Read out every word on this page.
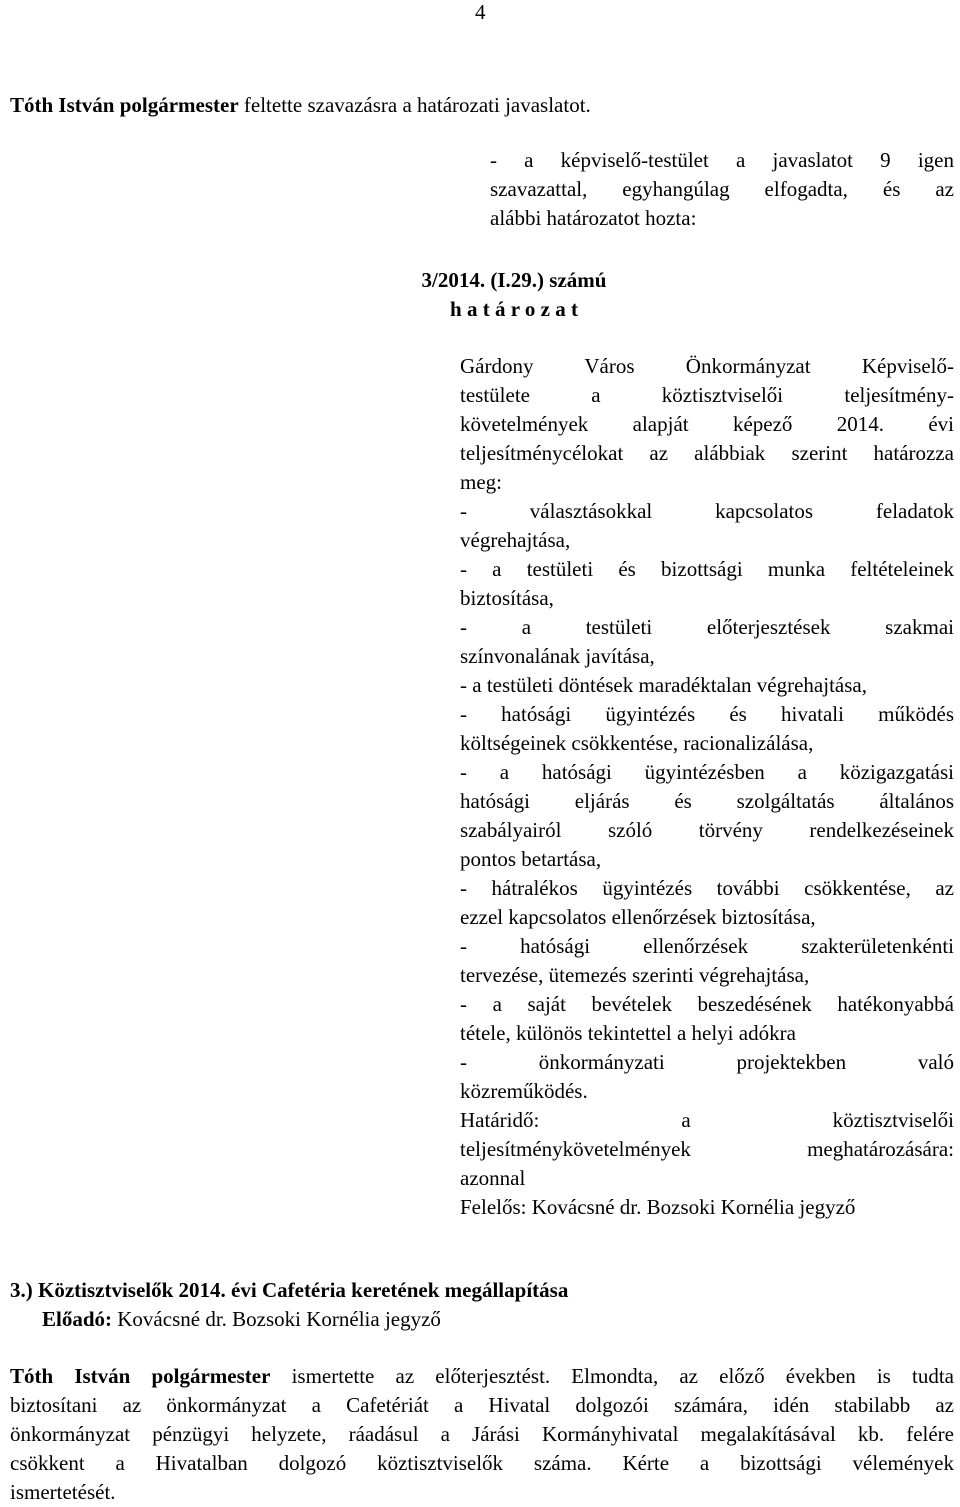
4
Tóth István polgármester feltette szavazásra a határozati javaslatot.
- a képviselő-testület a javaslatot 9 igen
szavazattal, egyhangúlag elfogadta, és az
alábbi határozatot hozta:
3/2014. (I.29.) számú
h a t á r o z a t
Gárdony Város Önkormányzat Képviselő-
testülete a köztisztviselői teljesítmény-
követelmények alapját képező 2014. évi
teljesítménycélokat az alábbiak szerint határozza
meg:
- választásokkal kapcsolatos feladatok
végrehajtása,
- a testületi és bizottsági munka feltételeinek
biztosítása,
- a testületi előterjesztések szakmai
színvonalának javítása,
- a testületi döntések maradéktalan végrehajtása,
- hatósági ügyintézés és hivatali működés
költségeinek csökkentése, racionalizálása,
- a hatósági ügyintézésben a közigazgatási
hatósági eljárás és szolgáltatás általános
szabályairól szóló törvény rendelkezéseinek
pontos betartása,
- hátralékos ügyintézés további csökkentése, az
ezzel kapcsolatos ellenőrzések biztosítása,
- hatósági ellenőrzések szakterületenkénti
tervezése, ütemezés szerinti végrehajtása,
- a saját bevételek beszedésének hatékonyabbá
tétele, különös tekintettel a helyi adókra
- önkormányzati projektekben való
közreműködés.
Határidő: a köztisztviselői
teljesítménykövetelmények meghatározására:
azonnal
Felelős: Kovácsné dr. Bozsoki Kornélia jegyző
3.) Köztisztviselők 2014. évi Cafetéria keretének megállapítása
Előadó: Kovácsné dr. Bozsoki Kornélia jegyző
Tóth István polgármester ismertette az előterjesztést. Elmondta, az előző években is tudta
biztosítani az önkormányzat a Cafetériát a Hivatal dolgozói számára, idén stabilabb az
önkormányzat pénzügyi helyzete, ráadásul a Járási Kormányhivatal megalakításával kb. felére
csökkent a Hivatalban dolgozó köztisztviselők száma. Kérte a bizottsági vélemények
ismertetését.
